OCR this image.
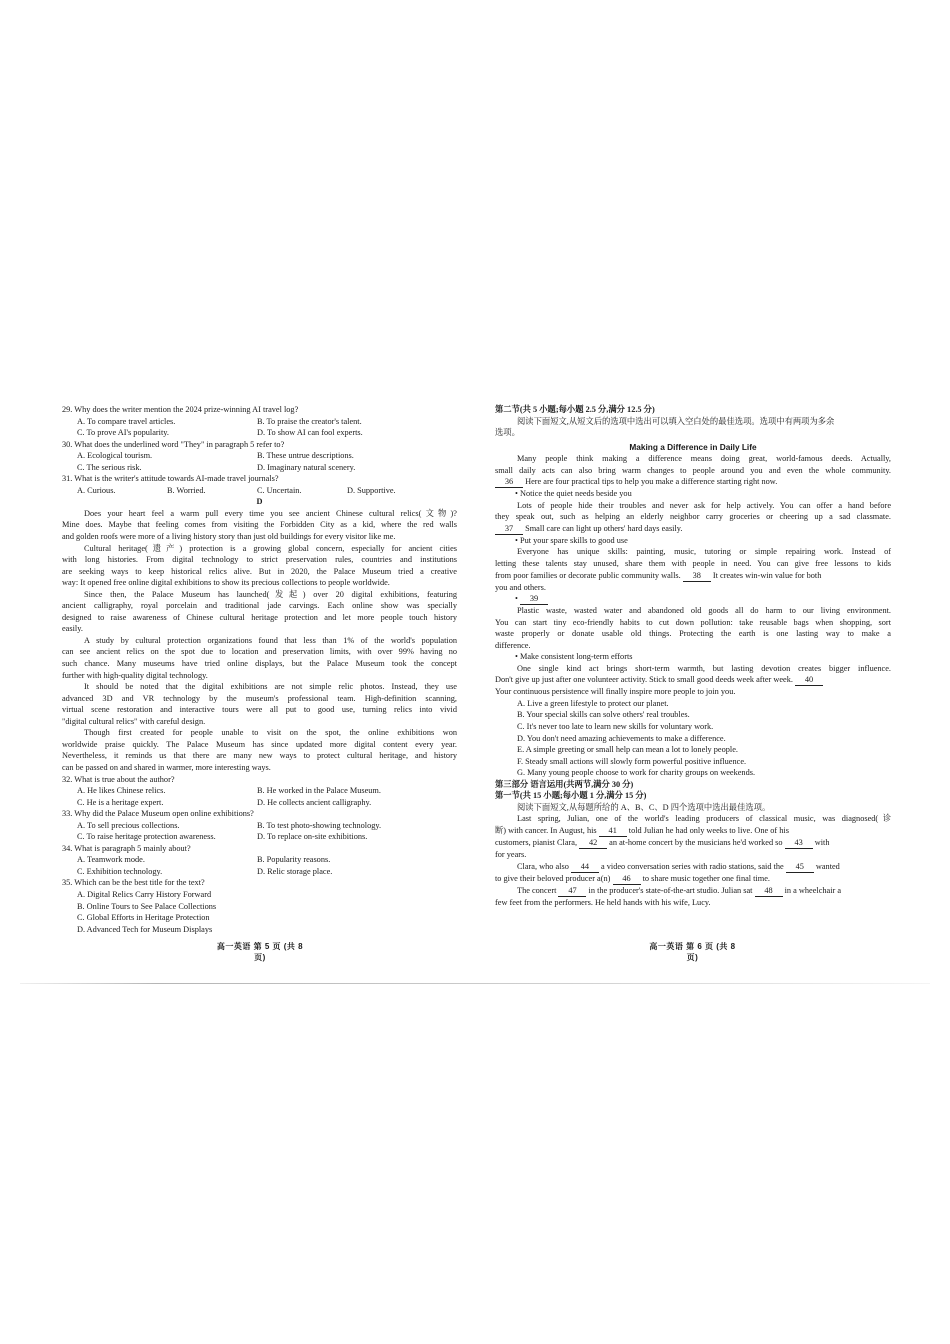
29. Why does the writer mention the 2024 prize-winning AI travel log?
A. To compare travel articles.	B. To praise the creator's talent.
C. To prove AI's popularity.	D. To show AI can fool experts.
30. What does the underlined word "They" in paragraph 5 refer to?
A. Ecological tourism.	B. These untrue descriptions.
C. The serious risk.	D. Imaginary natural scenery.
31. What is the writer's attitude towards AI-made travel journals?
A. Curious.	B. Worried.	C. Uncertain.	D. Supportive.
D
Does your heart feel a warm pull every time you see ancient Chinese cultural relics(文物)?
Mine does. Maybe that feeling comes from visiting the Forbidden City as a kid, where the red walls
and golden roofs were more of a living history story than just old buildings for every visitor like me.
Cultural heritage(遗产) protection is a growing global concern, especially for ancient cities
with long histories. From digital technology to strict preservation rules, countries and institutions
are seeking ways to keep historical relics alive. But in 2020, the Palace Museum tried a creative
way: It opened free online digital exhibitions to show its precious collections to people worldwide.
Since then, the Palace Museum has launched(发起) over 20 digital exhibitions, featuring
ancient calligraphy, royal porcelain and traditional jade carvings. Each online show was specially
designed to raise awareness of Chinese cultural heritage protection and let more people touch history
easily.
A study by cultural protection organizations found that less than 1% of the world's population
can see ancient relics on the spot due to location and preservation limits, with over 99% having no
such chance. Many museums have tried online displays, but the Palace Museum took the concept
further with high-quality digital technology.
It should be noted that the digital exhibitions are not simple relic photos. Instead, they use
advanced 3D and VR technology by the museum's professional team. High-definition scanning,
virtual scene restoration and interactive tours were all put to good use, turning relics into vivid
"digital cultural relics" with careful design.
Though first created for people unable to visit on the spot, the online exhibitions won
worldwide praise quickly. The Palace Museum has since updated more digital content every year.
Nevertheless, it reminds us that there are many new ways to protect cultural heritage, and history
can be passed on and shared in warmer, more interesting ways.
32. What is true about the author?
A. He likes Chinese relics.	B. He worked in the Palace Museum.
C. He is a heritage expert.	D. He collects ancient calligraphy.
33. Why did the Palace Museum open online exhibitions?
A. To sell precious collections.	B. To test photo-showing technology.
C. To raise heritage protection awareness.	D. To replace on-site exhibitions.
34. What is paragraph 5 mainly about?
A. Teamwork mode.	B. Popularity reasons.
C. Exhibition technology.	D. Relic storage place.
35. Which can be the best title for the text?
A. Digital Relics Carry History Forward
B. Online Tours to See Palace Collections
C. Global Efforts in Heritage Protection
D. Advanced Tech for Museum Displays
高一英语 第 5 页 (共 8 页)
第二节(共 5 小题;每小题 2.5 分,满分 12.5 分)
阅读下面短文,从短文后的选项中选出可以填入空白处的最佳选项。选项中有两项为多余
选项。
Making a Difference in Daily Life
Many people think making a difference means doing great, world-famous deeds. Actually,
small daily acts can also bring warm changes to people around you and even the whole community.
36 Here are four practical tips to help you make a difference starting right now.
• Notice the quiet needs beside you
Lots of people hide their troubles and never ask for help actively. You can offer a hand before
they speak out, such as helping an elderly neighbor carry groceries or cheering up a sad classmate.
37 Small care can light up others' hard days easily.
• Put your spare skills to good use
Everyone has unique skills: painting, music, tutoring or simple repairing work. Instead of
letting these talents stay unused, share them with people in need. You can give free lessons to kids
from poor families or decorate public community walls. 38 It creates win-win value for both
you and others.
• 39
Plastic waste, wasted water and abandoned old goods all do harm to our living environment.
You can start tiny eco-friendly habits to cut down pollution: take reusable bags when shopping, sort
waste properly or donate usable old things. Protecting the earth is one lasting way to make a
difference.
• Make consistent long-term efforts
One single kind act brings short-term warmth, but lasting devotion creates bigger influence.
Don't give up just after one volunteer activity. Stick to small good deeds week after week. 40
Your continuous persistence will finally inspire more people to join you.
A. Live a green lifestyle to protect our planet.
B. Your special skills can solve others' real troubles.
C. It's never too late to learn new skills for voluntary work.
D. You don't need amazing achievements to make a difference.
E. A simple greeting or small help can mean a lot to lonely people.
F. Steady small actions will slowly form powerful positive influence.
G. Many young people choose to work for charity groups on weekends.
第三部分 语言运用(共两节,满分 30 分)
第一节(共 15 小题;每小题 1 分,满分 15 分)
阅读下面短文,从每题所给的 A、B、C、D 四个选项中选出最佳选项。
Last spring, Julian, one of the world's leading producers of classical music, was diagnosed(诊
断) with cancer. In August, his 41 told Julian he had only weeks to live. One of his
customers, pianist Clara, 42 an at-home concert by the musicians he'd worked so 43 with
for years.
Clara, who also 44 a video conversation series with radio stations, said the 45 wanted
to give their beloved producer a(n) 46 to share music together one final time.
The concert 47 in the producer's state-of-the-art studio. Julian sat 48 in a wheelchair a
few feet from the performers. He held hands with his wife, Lucy.
高一英语 第 6 页 (共 8 页)
